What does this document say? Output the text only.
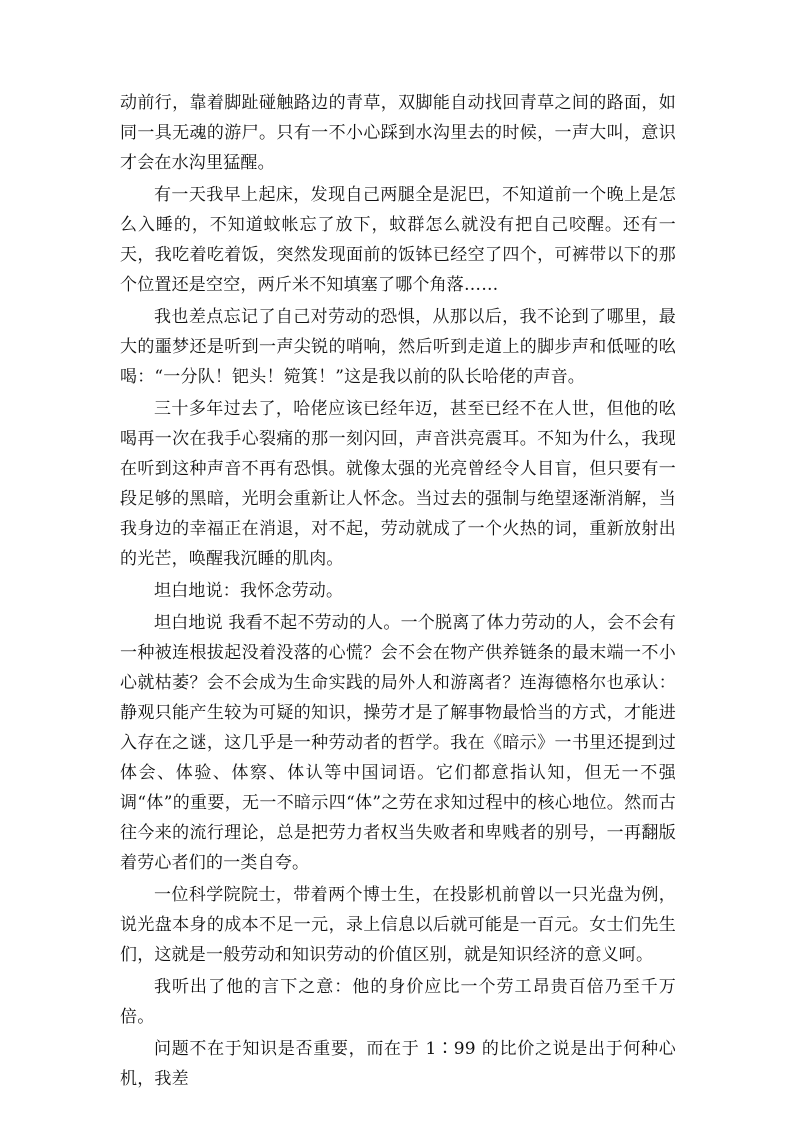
动前行，靠着脚趾碰触路边的青草，双脚能自动找回青草之间的路面，如同一具无魂的游尸。只有一不小心踩到水沟里去的时候，一声大叫，意识才会在水沟里猛醒。

有一天我早上起床，发现自己两腿全是泥巴，不知道前一个晚上是怎么入睡的，不知道蚊帐忘了放下，蚊群怎么就没有把自己咬醒。还有一天，我吃着吃着饭，突然发现面前的饭钵已经空了四个，可裤带以下的那个位置还是空空，两斤米不知填塞了哪个角落……

我也差点忘记了自己对劳动的恐惧，从那以后，我不论到了哪里，最大的噩梦还是听到一声尖锐的哨响，然后听到走道上的脚步声和低哑的吆喝：“一分队！钯头！箢箕！”这是我以前的队长哈佬的声音。

三十多年过去了，哈佬应该已经年迈，甚至已经不在人世，但他的吆喝再一次在我手心裂痛的那一刻闪回，声音洪亮震耳。不知为什么，我现在听到这种声音不再有恐惧。就像太强的光亮曾经令人目盲，但只要有一段足够的黑暗，光明会重新让人怀念。当过去的强制与绝望逐渐消解，当我身边的幸福正在消退，对不起，劳动就成了一个火热的词，重新放射出的光芒，唤醒我沉睡的肌肉。

坦白地说：我怀念劳动。

坦白地说 我看不起不劳动的人。一个脱离了体力劳动的人，会不会有一种被连根拔起没着没落的心慌？会不会在物产供养链条的最末端一不小心就枯萎？会不会成为生命实践的局外人和游离者？连海德格尔也承认：静观只能产生较为可疑的知识，操劳才是了解事物最恰当的方式，才能进入存在之谜，这几乎是一种劳动者的哲学。我在《暗示》一书里还提到过体会、体验、体察、体认等中国词语。它们都意指认知，但无一不强调“体”的重要，无一不暗示四“体”之劳在求知过程中的核心地位。然而古往今来的流行理论，总是把劳力者权当失败者和卑贱者的别号，一再翻版着劳心者们的一类自夸。

一位科学院院士，带着两个博士生，在投影机前曾以一只光盘为例，说光盘本身的成本不足一元，录上信息以后就可能是一百元。女士们先生们，这就是一般劳动和知识劳动的价值区别，就是知识经济的意义呵。

我听出了他的言下之意：他的身价应比一个劳工昂贵百倍乃至千万倍。

问题不在于知识是否重要，而在于 1∶99 的比价之说是出于何种心机，我差
